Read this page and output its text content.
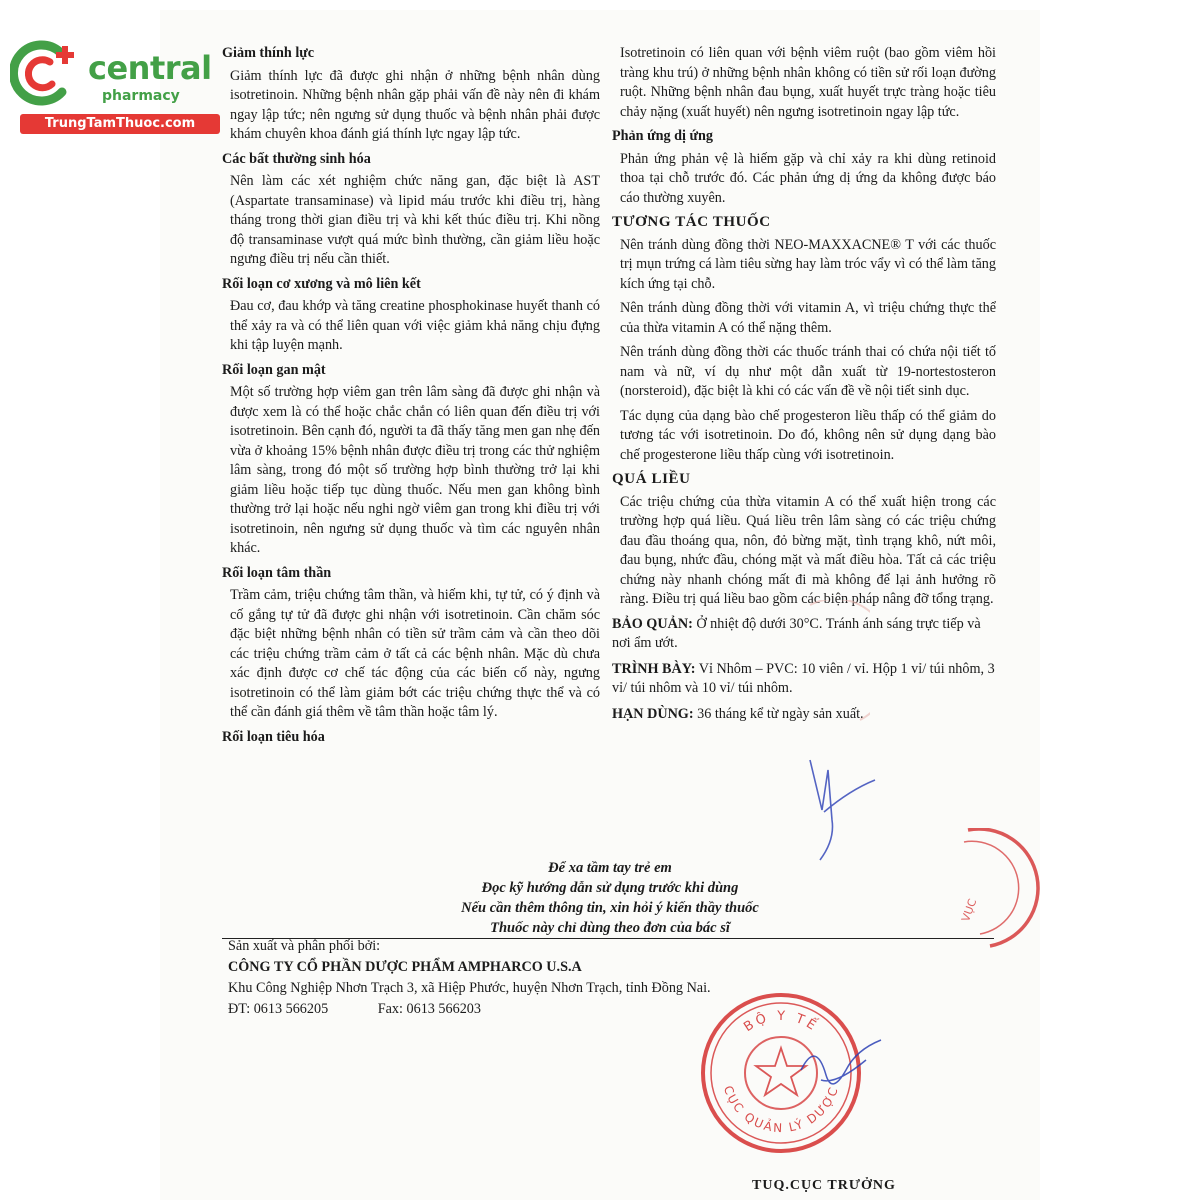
central
pharmacy
TrungTamThuoc.com
Giảm thính lực
Giảm thính lực đã được ghi nhận ở những bệnh nhân dùng isotretinoin. Những bệnh nhân gặp phải vấn đề này nên đi khám ngay lập tức; nên ngưng sử dụng thuốc và bệnh nhân phải được khám chuyên khoa đánh giá thính lực ngay lập tức.
Các bất thường sinh hóa
Nên làm các xét nghiệm chức năng gan, đặc biệt là AST (Aspartate transaminase) và lipid máu trước khi điều trị, hàng tháng trong thời gian điều trị và khi kết thúc điều trị. Khi nồng độ transaminase vượt quá mức bình thường, cần giảm liều hoặc ngưng điều trị nếu cần thiết.
Rối loạn cơ xương và mô liên kết
Đau cơ, đau khớp và tăng creatine phosphokinase huyết thanh có thể xảy ra và có thể liên quan với việc giảm khả năng chịu đựng khi tập luyện mạnh.
Rối loạn gan mật
Một số trường hợp viêm gan trên lâm sàng đã được ghi nhận và được xem là có thể hoặc chắc chắn có liên quan đến điều trị với isotretinoin. Bên cạnh đó, người ta đã thấy tăng men gan nhẹ đến vừa ở khoảng 15% bệnh nhân được điều trị trong các thử nghiệm lâm sàng, trong đó một số trường hợp bình thường trở lại khi giảm liều hoặc tiếp tục dùng thuốc. Nếu men gan không bình thường trở lại hoặc nếu nghi ngờ viêm gan trong khi điều trị với isotretinoin, nên ngưng sử dụng thuốc và tìm các nguyên nhân khác.
Rối loạn tâm thần
Trầm cảm, triệu chứng tâm thần, và hiếm khi, tự tử, có ý định và cố gắng tự tử đã được ghi nhận với isotretinoin. Cần chăm sóc đặc biệt những bệnh nhân có tiền sử trầm cảm và cần theo dõi các triệu chứng trầm cảm ở tất cả các bệnh nhân. Mặc dù chưa xác định được cơ chế tác động của các biến cố này, ngưng isotretinoin có thể làm giảm bớt các triệu chứng thực thể và có thể cần đánh giá thêm về tâm thần hoặc tâm lý.
Rối loạn tiêu hóa
Isotretinoin có liên quan với bệnh viêm ruột (bao gồm viêm hồi tràng khu trú) ở những bệnh nhân không có tiền sử rối loạn đường ruột. Những bệnh nhân đau bụng, xuất huyết trực tràng hoặc tiêu chảy nặng (xuất huyết) nên ngưng isotretinoin ngay lập tức.
Phản ứng dị ứng
Phản ứng phản vệ là hiếm gặp và chỉ xảy ra khi dùng retinoid thoa tại chỗ trước đó. Các phản ứng dị ứng da không được báo cáo thường xuyên.
TƯƠNG TÁC THUỐC
Nên tránh dùng đồng thời NEO-MAXXACNE® T với các thuốc trị mụn trứng cá làm tiêu sừng hay làm tróc vẩy vì có thể làm tăng kích ứng tại chỗ.
Nên tránh dùng đồng thời với vitamin A, vì triệu chứng thực thể của thừa vitamin A có thể nặng thêm.
Nên tránh dùng đồng thời các thuốc tránh thai có chứa nội tiết tố nam và nữ, ví dụ như một dẫn xuất từ 19-nortestosteron (norsteroid), đặc biệt là khi có các vấn đề về nội tiết sinh dục.
Tác dụng của dạng bào chế progesteron liều thấp có thể giảm do tương tác với isotretinoin. Do đó, không nên sử dụng dạng bào chế progesterone liều thấp cùng với isotretinoin.
QUÁ LIỀU
Các triệu chứng của thừa vitamin A có thể xuất hiện trong các trường hợp quá liều. Quá liều trên lâm sàng có các triệu chứng đau đầu thoáng qua, nôn, đỏ bừng mặt, tình trạng khô, nứt môi, đau bụng, nhức đầu, chóng mặt và mất điều hòa. Tất cả các triệu chứng này nhanh chóng mất đi mà không để lại ảnh hưởng rõ ràng. Điều trị quá liều bao gồm các biện pháp nâng đỡ tổng trạng.
BẢO QUẢN: Ở nhiệt độ dưới 30°C. Tránh ánh sáng trực tiếp và nơi ẩm ướt.
TRÌNH BÀY: Vỉ Nhôm – PVC: 10 viên / vỉ. Hộp 1 vỉ/ túi nhôm, 3 vỉ/ túi nhôm và 10 vỉ/ túi nhôm.
HẠN DÙNG: 36 tháng kể từ ngày sản xuất.
Để xa tầm tay trẻ em
Đọc kỹ hướng dẫn sử dụng trước khi dùng
Nếu cần thêm thông tin, xin hỏi ý kiến thầy thuốc
Thuốc này chỉ dùng theo đơn của bác sĩ
Sản xuất và phân phối bởi:
CÔNG TY CỔ PHẦN DƯỢC PHẨM AMPHARCO U.S.A
Khu Công Nghiệp Nhơn Trạch 3, xã Hiệp Phước, huyện Nhơn Trạch, tỉnh Đồng Nai.
ĐT: 0613 566205	Fax: 0613 566203
VỤC
BỘ Y TẾ
CỤC QUẢN LÝ DƯỢC
TUQ.CỤC TRƯỞNG
